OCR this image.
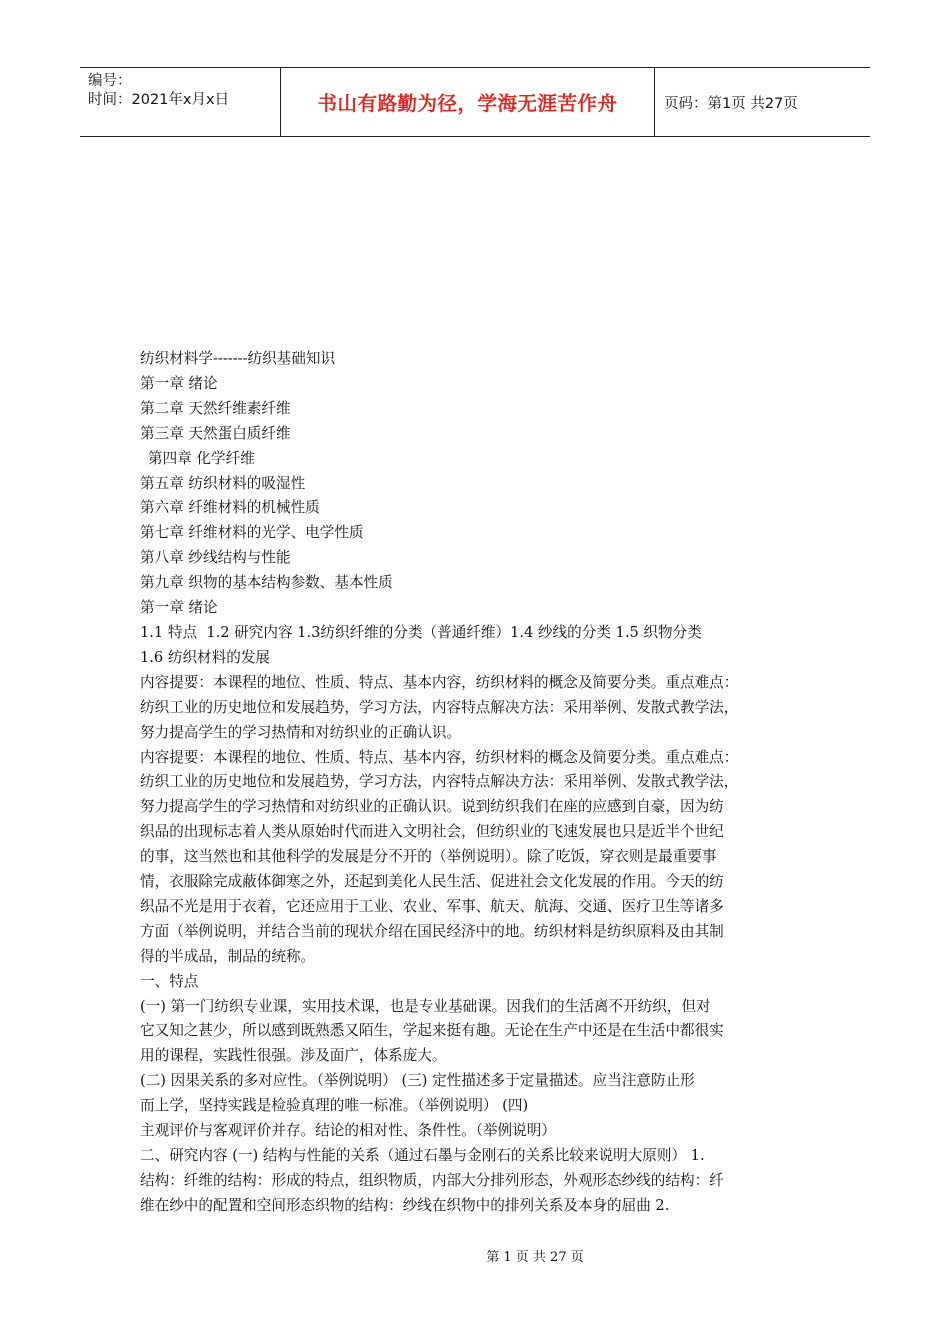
编号：
时间：2021年x月x日	书山有路勤为径，学海无涯苦作舟	页码：第1页 共27页

纺织材料学-------纺织基础知识

第一章 绪论

第二章 天然纤维素纤维

第三章 天然蛋白质纤维

第四章 化学纤维

第五章 纺织材料的吸湿性

第六章 纤维材料的机械性质

第七章 纤维材料的光学、电学性质

第八章 纱线结构与性能

第九章 织物的基本结构参数、基本性质

第一章 绪论

1.1 特点  1.2 研究内容 1.3纺织纤维的分类（普通纤维）1.4 纱线的分类 1.5 织物分类

1.6 纺织材料的发展

内容提要：本课程的地位、性质、特点、基本内容，纺织材料的概念及简要分类。重点难点：

纺织工业的历史地位和发展趋势，学习方法，内容特点解决方法：采用举例、发散式教学法，

努力提高学生的学习热情和对纺织业的正确认识。

内容提要：本课程的地位、性质、特点、基本内容，纺织材料的概念及简要分类。重点难点：

纺织工业的历史地位和发展趋势，学习方法，内容特点解决方法：采用举例、发散式教学法，

努力提高学生的学习热情和对纺织业的正确认识。说到纺织我们在座的应感到自豪，因为纺

织品的出现标志着人类从原始时代而进入文明社会，但纺织业的飞速发展也只是近半个世纪

的事，这当然也和其他科学的发展是分不开的（举例说明）。除了吃饭，穿衣则是最重要事

情，衣服除完成蔽体御寒之外，还起到美化人民生活、促进社会文化发展的作用。今天的纺

织品不光是用于衣着，它还应用于工业、农业、军事、航天、航海、交通、医疗卫生等诸多

方面（举例说明，并结合当前的现状介绍在国民经济中的地。纺织材料是纺织原料及由其制

得的半成品，制品的统称。

一、特点

(一) 第一门纺织专业课，实用技术课，也是专业基础课。因我们的生活离不开纺织，但对

它又知之甚少，所以感到既熟悉又陌生，学起来挺有趣。无论在生产中还是在生活中都很实

用的课程，实践性很强。涉及面广，体系庞大。

(二) 因果关系的多对应性。（举例说明） (三) 定性描述多于定量描述。应当注意防止形

而上学，坚持实践是检验真理的唯一标准。（举例说明） (四)

主观评价与客观评价并存。结论的相对性、条件性。（举例说明）

二、研究内容 (一) 结构与性能的关系（通过石墨与金刚石的关系比较来说明大原则） 1.

结构：纤维的结构：形成的特点，组织物质，内部大分排列形态，外观形态纱线的结构：纤

维在纱中的配置和空间形态织物的结构：纱线在织物中的排列关系及本身的屈曲 2.

第 1 页 共 27 页
